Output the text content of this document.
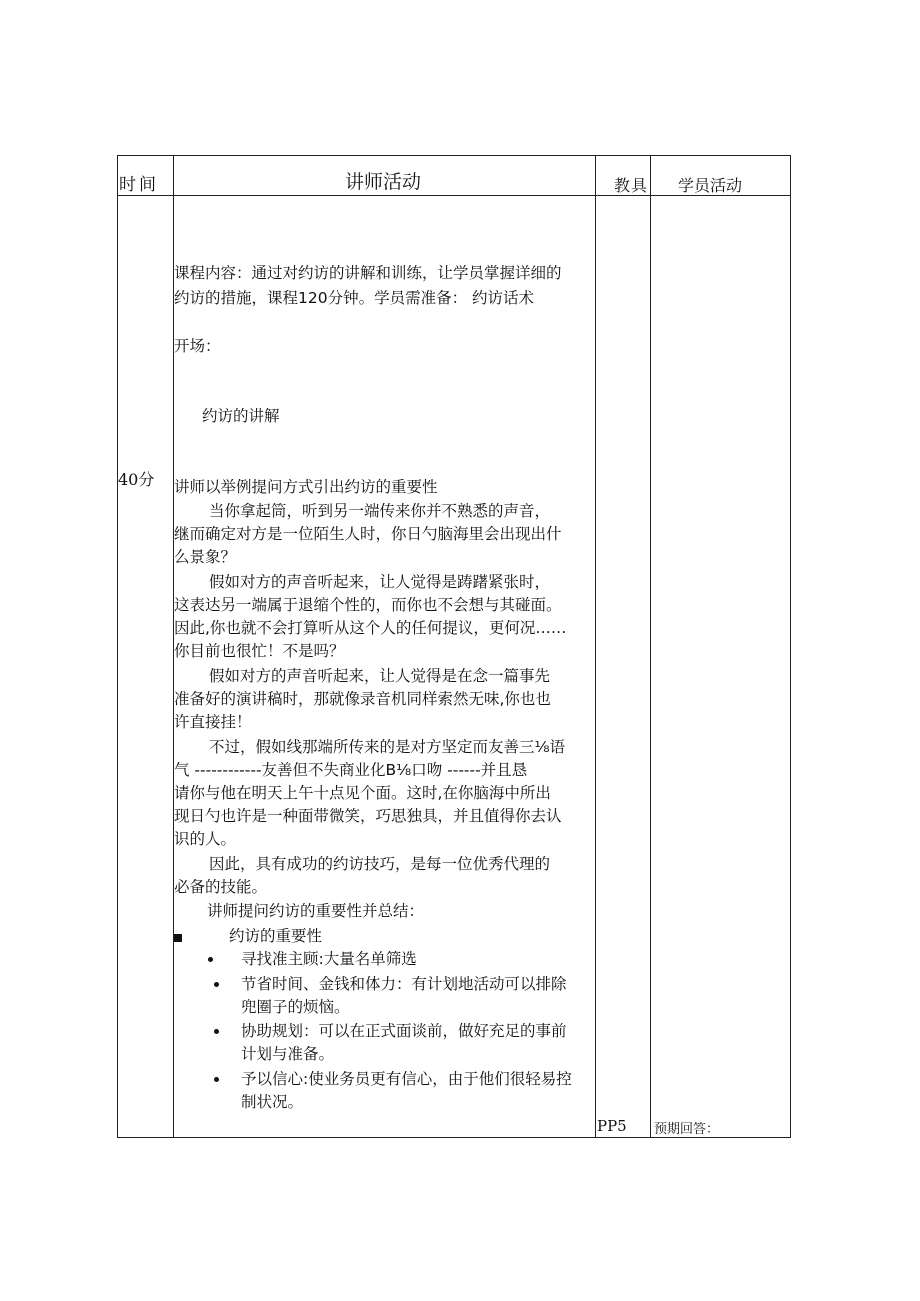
时间	讲师活动	教具 学员活动
40分
PP5 预期回答：
课程内容：通过对约访的讲解和训练，让学员掌握详细的
约访的措施，课程120分钟。学员需准备： 约访话术
开场：
约访的讲解
讲师以举例提问方式引出约访的重要性
当你拿起筒，听到另一端传来你并不熟悉的声音，
继而确定对方是一位陌生人时，你日勺脑海里会出现出什
么景象？
假如对方的声音听起来，让人觉得是踌躇紧张时，
这表达另一端属于退缩个性的，而你也不会想与其碰面。
因此,你也就不会打算听从这个人的任何提议，更何况……
你目前也很忙！不是吗？
假如对方的声音听起来，让人觉得是在念一篇事先
准备好的演讲稿时，那就像录音机同样索然无味,你也也
许直接挂！
不过，假如线那端所传来的是对方坚定而友善三⅛语
气 ------------友善但不失商业化B⅛口吻 ------并且恳
请你与他在明天上午十点见个面。这时,在你脑海中所出
现日勺也许是一种面带微笑，巧思独具，并且值得你去认
识的人。
因此，具有成功的约访技巧，是每一位优秀代理的
必备的技能。
讲师提问约访的重要性并总结：
约访的重要性
寻找准主顾:大量名单筛选
节省时间、金钱和体力：有计划地活动可以排除
兜圈子的烦恼。
协助规划：可以在正式面谈前，做好充足的事前
计划与准备。
予以信心:使业务员更有信心，由于他们很轻易控
制状况。
